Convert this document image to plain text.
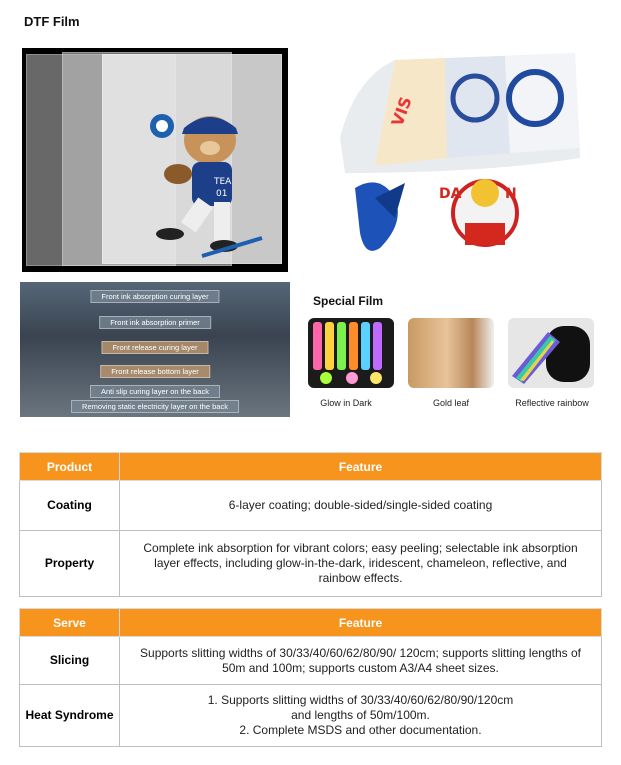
DTF Film
TEA
01
VIS
N
DA
Front ink absorption curing layer
Front ink absorption primer
Front release curing layer
Front release bottom layer
Anti slip curing layer on the back
Removing static electricity layer on the back
Special Film
Glow in Dark	Gold leaf	Reflective rainbow
Product	Feature
Coating	6-layer coating; double-sided/single-sided coating
Property	Complete ink absorption for vibrant colors; easy peeling; selectable ink absorption layer effects, including glow-in-the-dark, iridescent, chameleon, reflective, and rainbow effects.
Serve	Feature
Slicing	Supports slitting widths of 30/33/40/60/62/80/90/ 120cm; supports slitting lengths of 50m and 100m; supports custom A3/A4 sheet sizes.
Heat Syndrome	1. Supports slitting widths of 30/33/40/60/62/80/90/120cm
and lengths of 50m/100m.
2. Complete MSDS and other documentation.
